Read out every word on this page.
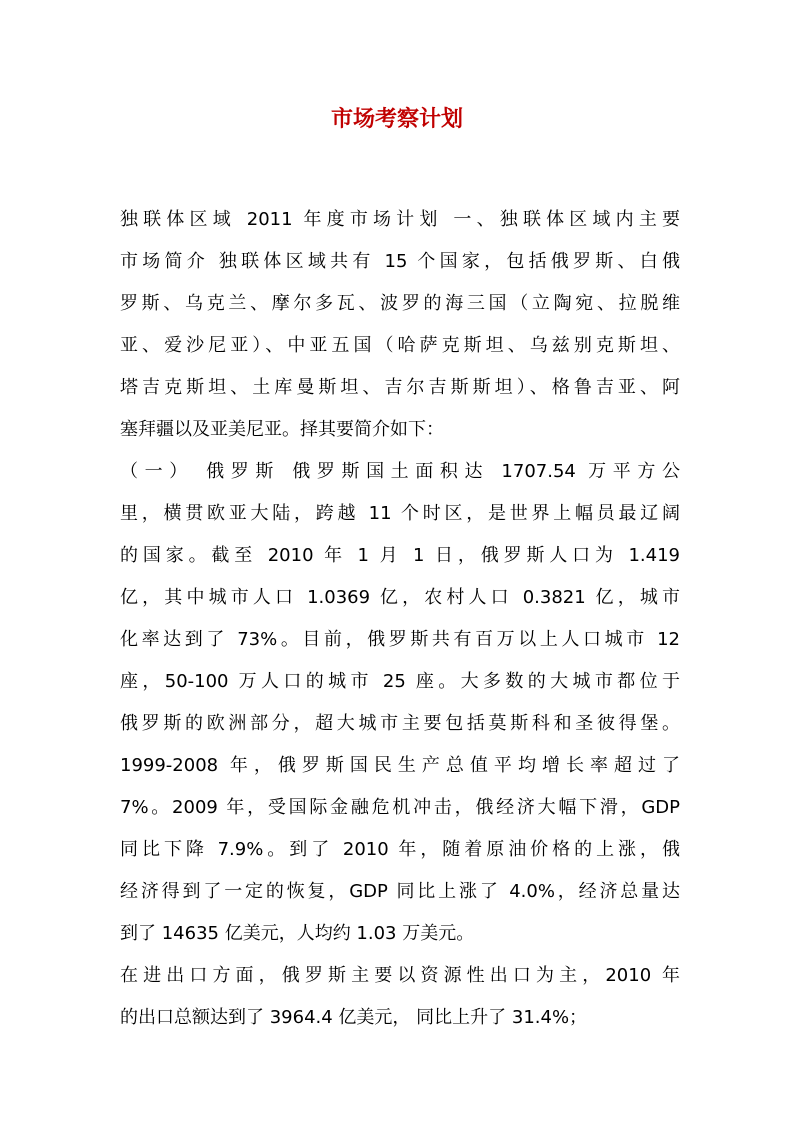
市场考察计划
独联体区域 2011 年度市场计划 一、独联体区域内主要
市场简介 独联体区域共有 15 个国家，包括俄罗斯、白俄
罗斯、乌克兰、摩尔多瓦、波罗的海三国（立陶宛、拉脱维
亚、爱沙尼亚）、中亚五国（哈萨克斯坦、乌兹别克斯坦、
塔吉克斯坦、土库曼斯坦、吉尔吉斯斯坦）、格鲁吉亚、阿
塞拜疆以及亚美尼亚。择其要简介如下：
（一） 俄罗斯 俄罗斯国土面积达 1707.54 万平方公
里，横贯欧亚大陆，跨越 11 个时区，是世界上幅员最辽阔
的国家。截至 2010 年 1 月 1 日，俄罗斯人口为 1.419
亿，其中城市人口 1.0369 亿，农村人口 0.3821 亿，城市
化率达到了 73%。目前，俄罗斯共有百万以上人口城市 12
座，50-100 万人口的城市 25 座。大多数的大城市都位于
俄罗斯的欧洲部分，超大城市主要包括莫斯科和圣彼得堡。
1999-2008 年，俄罗斯国民生产总值平均增长率超过了
7%。2009 年，受国际金融危机冲击，俄经济大幅下滑，GDP
同比下降 7.9%。到了 2010 年，随着原油价格的上涨，俄
经济得到了一定的恢复，GDP 同比上涨了 4.0%，经济总量达
到了 14635 亿美元，人均约 1.03 万美元。
在进出口方面，俄罗斯主要以资源性出口为主，2010 年
的出口总额达到了 3964.4 亿美元， 同比上升了 31.4%；
